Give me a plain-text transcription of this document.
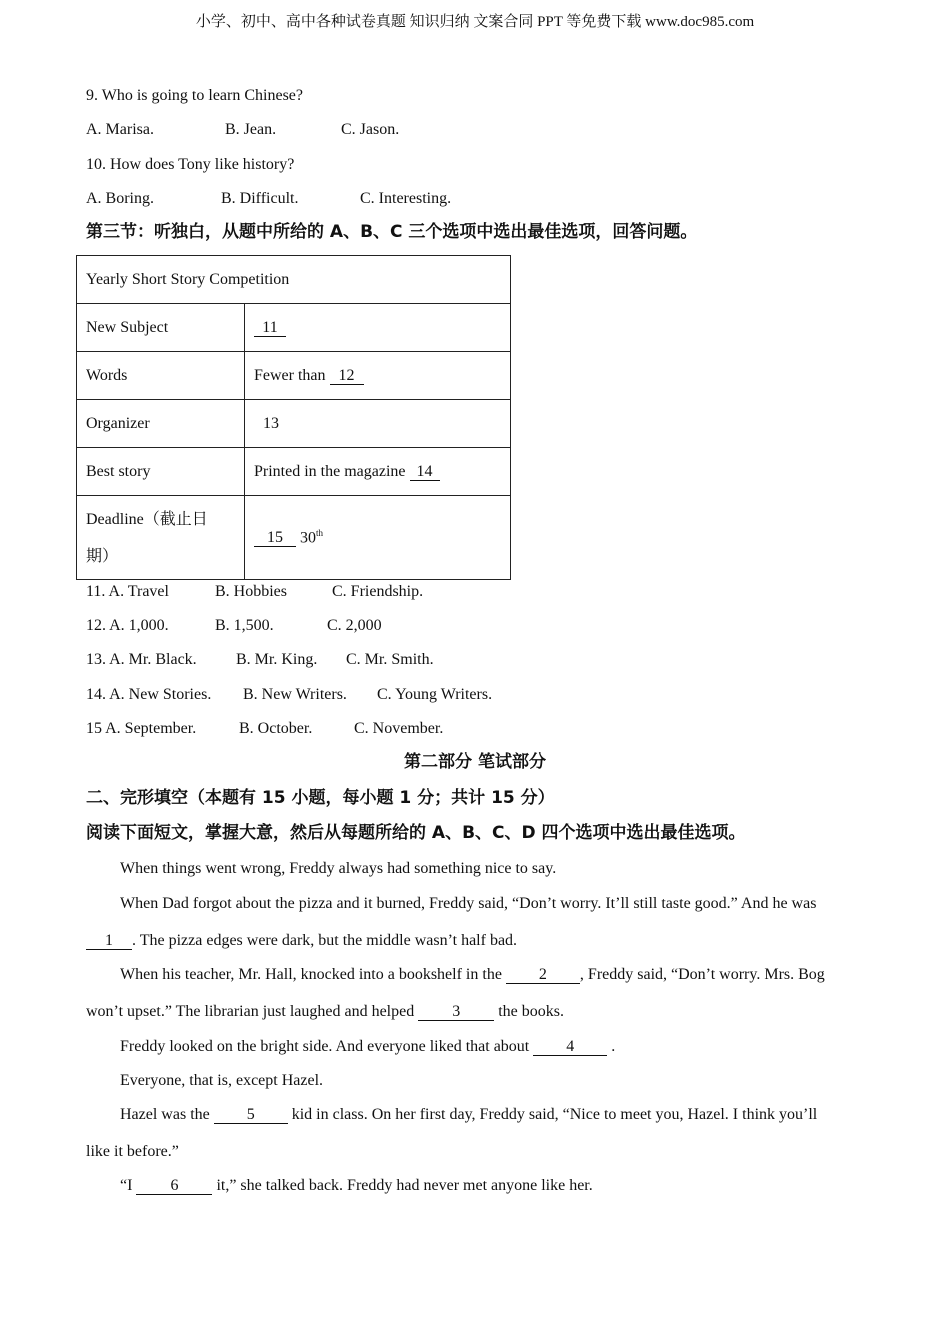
小学、初中、高中各种试卷真题 知识归纳 文案合同 PPT 等免费下载 www.doc985.com
9. Who is going to learn Chinese?
A. Marisa.	B. Jean.	C. Jason.
10. How does Tony like history?
A. Boring.	B. Difficult.	C. Interesting.
第三节：听独白，从题中所给的 A、B、C 三个选项中选出最佳选项，回答问题。
Yearly Short Story Competition	
New Subject	11
Words	Fewer than 12
Organizer	13
Best story	Printed in the magazine 14
Deadline（截止日
期）	15 30th
11. A. Travel	B. Hobbies	C. Friendship.
12. A. 1,000.	B. 1,500.	C. 2,000
13. A. Mr. Black. B. Mr. King. C. Mr. Smith.
14. A. New Stories. B. New Writers. C. Young Writers.
15 A. September.	B. October.	C. November.
第二部分 笔试部分
二、完形填空（本题有 15 小题，每小题 1 分；共计 15 分）
阅读下面短文，掌握大意，然后从每题所给的 A、B、C、D 四个选项中选出最佳选项。
When things went wrong, Freddy always had something nice to say.
When Dad forgot about the pizza and it burned, Freddy said, “Don’t worry. It’ll still taste good.” And he was
1 . The pizza edges were dark, but the middle wasn’t half bad.
When his teacher, Mr. Hall, knocked into a bookshelf in the 2 , Freddy said, “Don’t worry. Mrs. Bog
won’t upset.” The librarian just laughed and helped 3 the books.
Freddy looked on the bright side. And everyone liked that about 4 .
Everyone, that is, except Hazel.
Hazel was the 5 kid in class. On her first day, Freddy said, “Nice to meet you, Hazel. I think you’ll
like it before.”
“I 6 it,” she talked back. Freddy had never met anyone like her.
